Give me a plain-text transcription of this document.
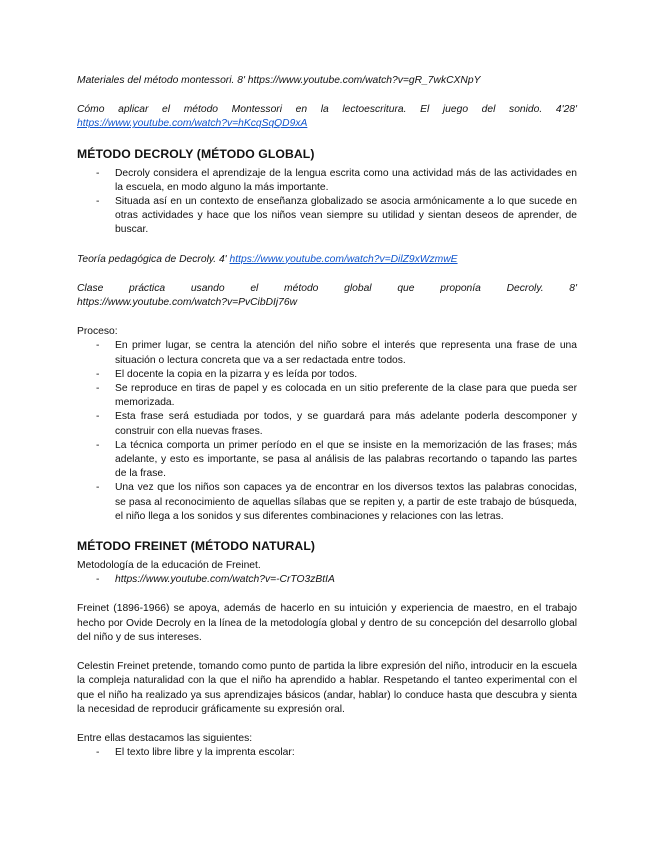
Materiales del método montessori. 8' https://www.youtube.com/watch?v=gR_7wkCXNpY

Cómo aplicar el método Montessori en la lectoescritura. El juego del sonido. 4'28'

https://www.youtube.com/watch?v=hKcqSqQD9xA

MÉTODO DECROLY (MÉTODO GLOBAL)
- Decroly considera el aprendizaje de la lengua escrita como una actividad más de las actividades en la escuela, en modo alguno la más importante.
- Situada así en un contexto de enseñanza globalizado se asocia armónicamente a lo que sucede en otras actividades y hace que los niños vean siempre su utilidad y sientan deseos de aprender, de buscar.

Teoría pedagógica de Decroly. 4' https://www.youtube.com/watch?v=DilZ9xWzmwE

Clase práctica usando el método global que proponía Decroly. 8'

https://www.youtube.com/watch?v=PvCibDIj76w

Proceso:

- En primer lugar, se centra la atención del niño sobre el interés que representa una frase de una situación o lectura concreta que va a ser redactada entre todos.
- El docente la copia en la pizarra y es leída por todos.
- Se reproduce en tiras de papel y es colocada en un sitio preferente de la clase para que pueda ser memorizada.
- Esta frase será estudiada por todos, y se guardará para más adelante poderla descomponer y construir con ella nuevas frases.
- La técnica comporta un primer período en el que se insiste en la memorización de las frases; más adelante, y esto es importante, se pasa al análisis de las palabras recortando o tapando las partes de la frase.
- Una vez que los niños son capaces ya de encontrar en los diversos textos las palabras conocidas, se pasa al reconocimiento de aquellas sílabas que se repiten y, a partir de este trabajo de búsqueda, el niño llega a los sonidos y sus diferentes combinaciones y relaciones con las letras.
MÉTODO FREINET (MÉTODO NATURAL)

Metodología de la educación de Freinet.

- https://www.youtube.com/watch?v=-CrTO3zBtIA

Freinet (1896-1966) se apoya, además de hacerlo en su intuición y experiencia de maestro, en el trabajo hecho por Ovide Decroly en la línea de la metodología global y dentro de su concepción del desarrollo global del niño y de sus intereses.

Celestin Freinet pretende, tomando como punto de partida la libre expresión del niño, introducir en la escuela la compleja naturalidad con la que el niño ha aprendido a hablar. Respetando el tanteo experimental con el que el niño ha realizado ya sus aprendizajes básicos (andar, hablar) lo conduce hasta que descubra y sienta la necesidad de reproducir gráficamente su expresión oral.

Entre ellas destacamos las siguientes:

- El texto libre libre y la imprenta escolar:
